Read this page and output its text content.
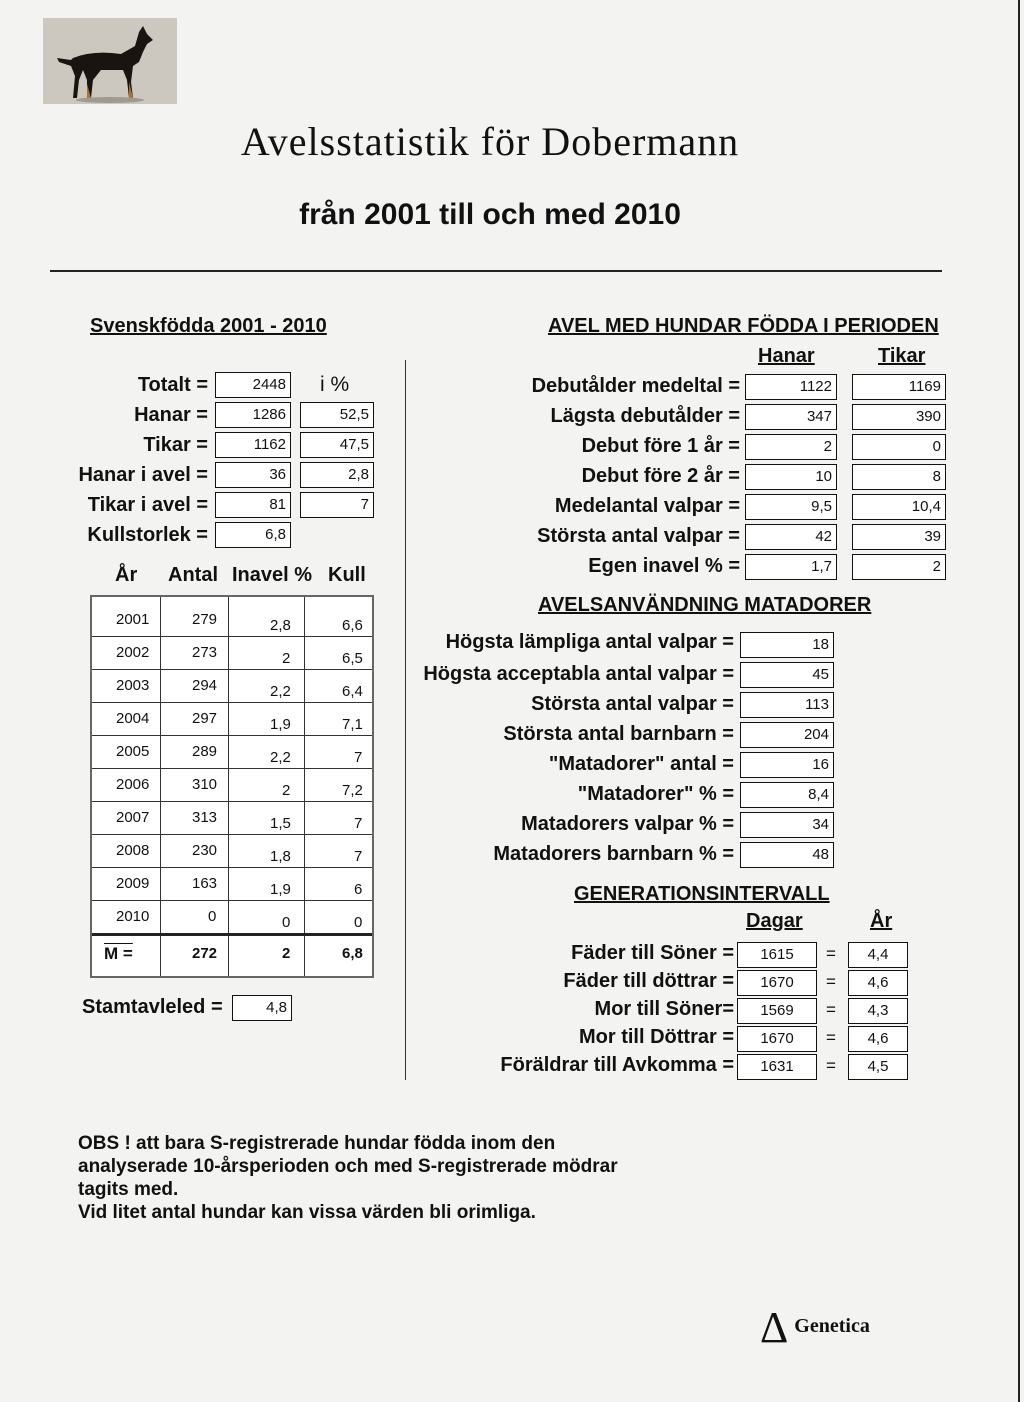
Avelsstatistik för Dobermann
från 2001 till och med 2010
Svenskfödda 2001 - 2010
i %
Totalt =	2448
Hanar =	1286	52,5
Tikar =	1162	47,5
Hanar i avel =	36	2,8
Tikar i avel =	81	7
Kullstorlek =	6,8
År Antal Inavel % Kull
2001	279	2,8	6,6
2002	273	2	6,5
2003	294	2,2	6,4
2004	297	1,9	7,1
2005	289	2,2	7
2006	310	2	7,2
2007	313	1,5	7
2008	230	1,8	7
2009	163	1,9	6
2010	0	0	0
M =	272	2	6,8
Stamtavleled =	4,8
AVEL MED HUNDAR FÖDDA I PERIODEN
Hanar	Tikar
Debutålder medeltal =	1122	1169
Lägsta debutålder =	347	390
Debut före 1 år =	2	0
Debut före 2 år =	10	8
Medelantal valpar =	9,5	10,4
Största antal valpar =	42	39
Egen inavel % =	1,7	2
AVELSANVÄNDNING MATADORER
Högsta lämpliga antal valpar =	18
Högsta acceptabla antal valpar =	45
Största antal valpar =	113
Största antal barnbarn =	204
"Matadorer" antal =	16
"Matadorer" % =	8,4
Matadorers valpar % =	34
Matadorers barnbarn % =	48
GENERATIONSINTERVALL
Dagar	År
Fäder till Söner =	1615	=	4,4
Fäder till döttrar =	1670	=	4,6
Mor till Söner=	1569	=	4,3
Mor till Döttrar =	1670	=	4,6
Föräldrar till Avkomma =	1631	=	4,5
OBS ! att bara S-registrerade hundar födda inom den
analyserade 10-årsperioden och med S-registrerade mödrar
tagits med.
Vid litet antal hundar kan vissa värden bli orimliga.
Δ Genetica
